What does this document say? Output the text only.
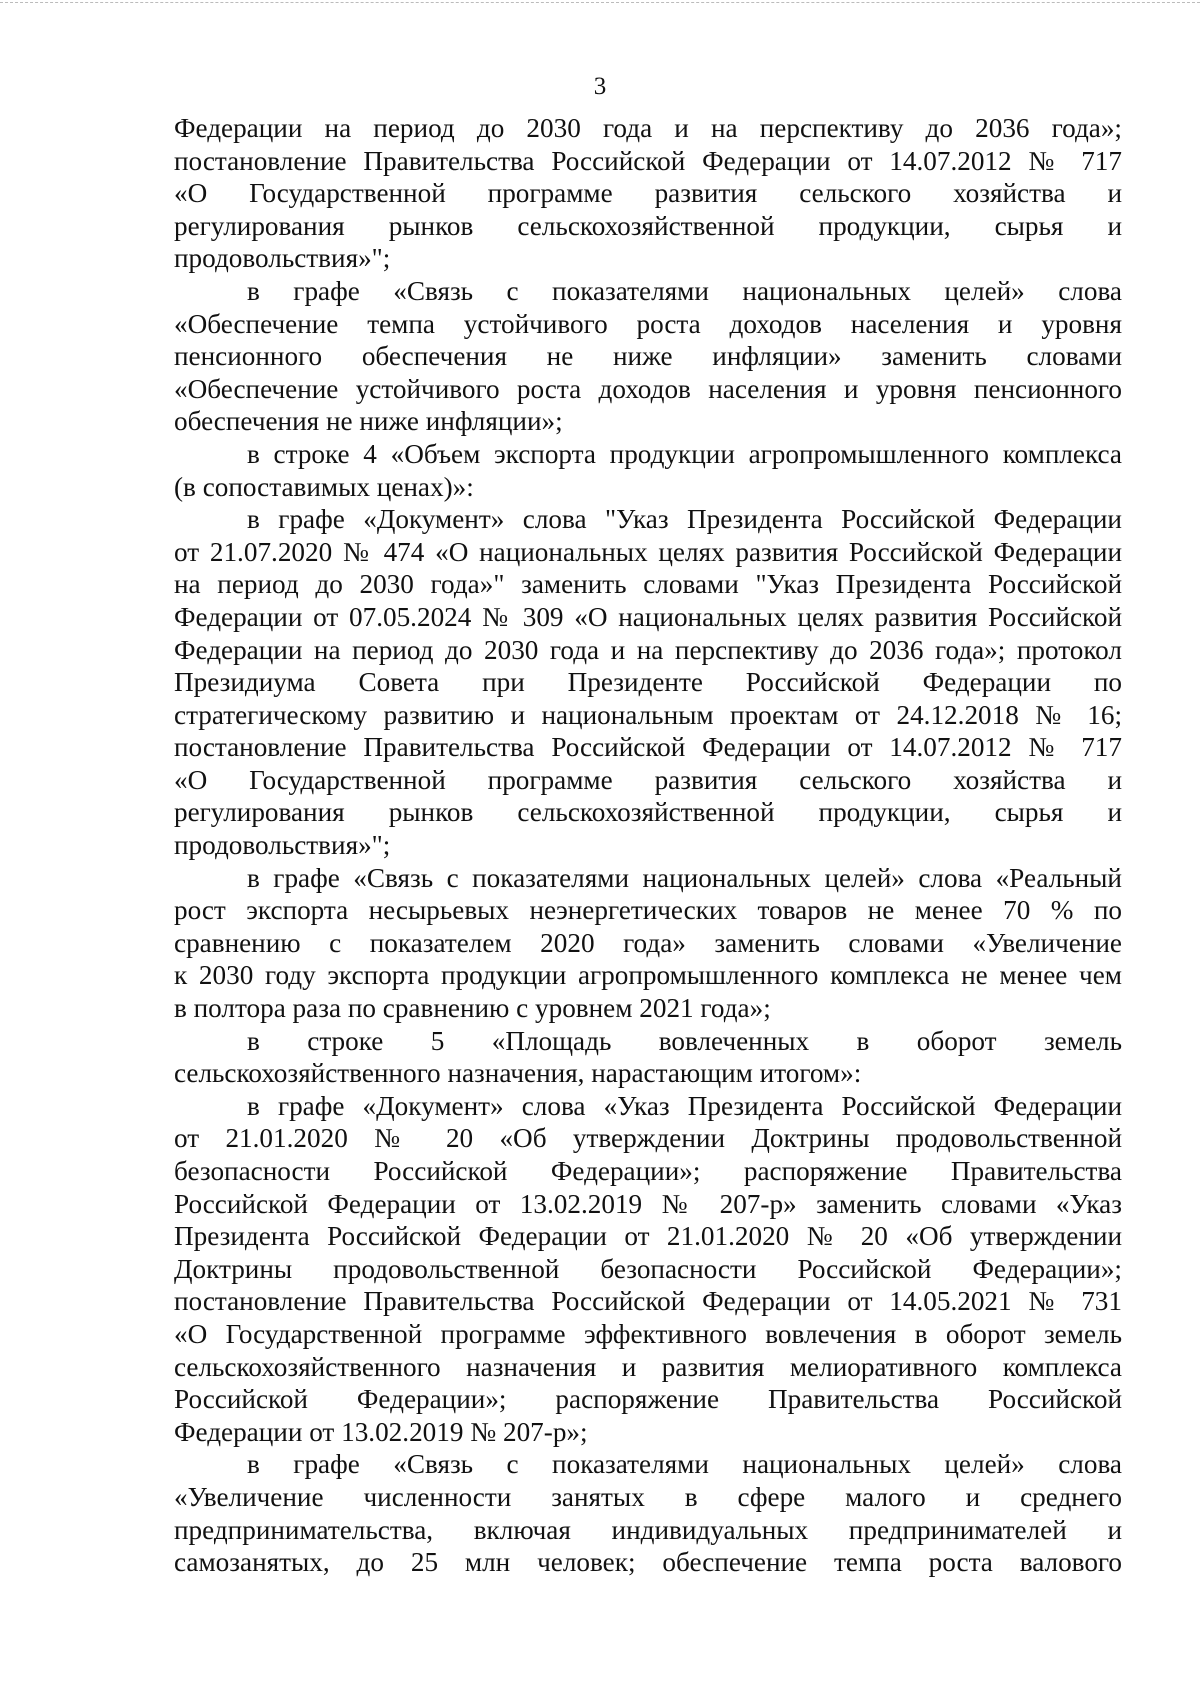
3
Федерации на период до 2030 года и на перспективу до 2036 года»;
постановление Правительства Российской Федерации от 14.07.2012 № 717
«О Государственной программе развития сельского хозяйства и
регулирования рынков сельскохозяйственной продукции, сырья и
продовольствия»";
в графе «Связь с показателями национальных целей» слова
«Обеспечение темпа устойчивого роста доходов населения и уровня
пенсионного обеспечения не ниже инфляции» заменить словами
«Обеспечение устойчивого роста доходов населения и уровня пенсионного
обеспечения не ниже инфляции»;
в строке 4 «Объем экспорта продукции агропромышленного комплекса
(в сопоставимых ценах)»:
в графе «Документ» слова "Указ Президента Российской Федерации
от 21.07.2020 № 474 «О национальных целях развития Российской Федерации
на период до 2030 года»" заменить словами "Указ Президента Российской
Федерации от 07.05.2024 № 309 «О национальных целях развития Российской
Федерации на период до 2030 года и на перспективу до 2036 года»; протокол
Президиума Совета при Президенте Российской Федерации по
стратегическому развитию и национальным проектам от 24.12.2018 № 16;
постановление Правительства Российской Федерации от 14.07.2012 № 717
«О Государственной программе развития сельского хозяйства и
регулирования рынков сельскохозяйственной продукции, сырья и
продовольствия»";
в графе «Связь с показателями национальных целей» слова «Реальный
рост экспорта несырьевых неэнергетических товаров не менее 70 % по
сравнению с показателем 2020 года» заменить словами «Увеличение
к 2030 году экспорта продукции агропромышленного комплекса не менее чем
в полтора раза по сравнению с уровнем 2021 года»;
в строке 5 «Площадь вовлеченных в оборот земель
сельскохозяйственного назначения, нарастающим итогом»:
в графе «Документ» слова «Указ Президента Российской Федерации
от 21.01.2020 № 20 «Об утверждении Доктрины продовольственной
безопасности Российской Федерации»; распоряжение Правительства
Российской Федерации от 13.02.2019 № 207-р» заменить словами «Указ
Президента Российской Федерации от 21.01.2020 № 20 «Об утверждении
Доктрины продовольственной безопасности Российской Федерации»;
постановление Правительства Российской Федерации от 14.05.2021 № 731
«О Государственной программе эффективного вовлечения в оборот земель
сельскохозяйственного назначения и развития мелиоративного комплекса
Российской Федерации»; распоряжение Правительства Российской
Федерации от 13.02.2019 № 207-р»;
в графе «Связь с показателями национальных целей» слова
«Увеличение численности занятых в сфере малого и среднего
предпринимательства, включая индивидуальных предпринимателей и
самозанятых, до 25 млн человек; обеспечение темпа роста валового
